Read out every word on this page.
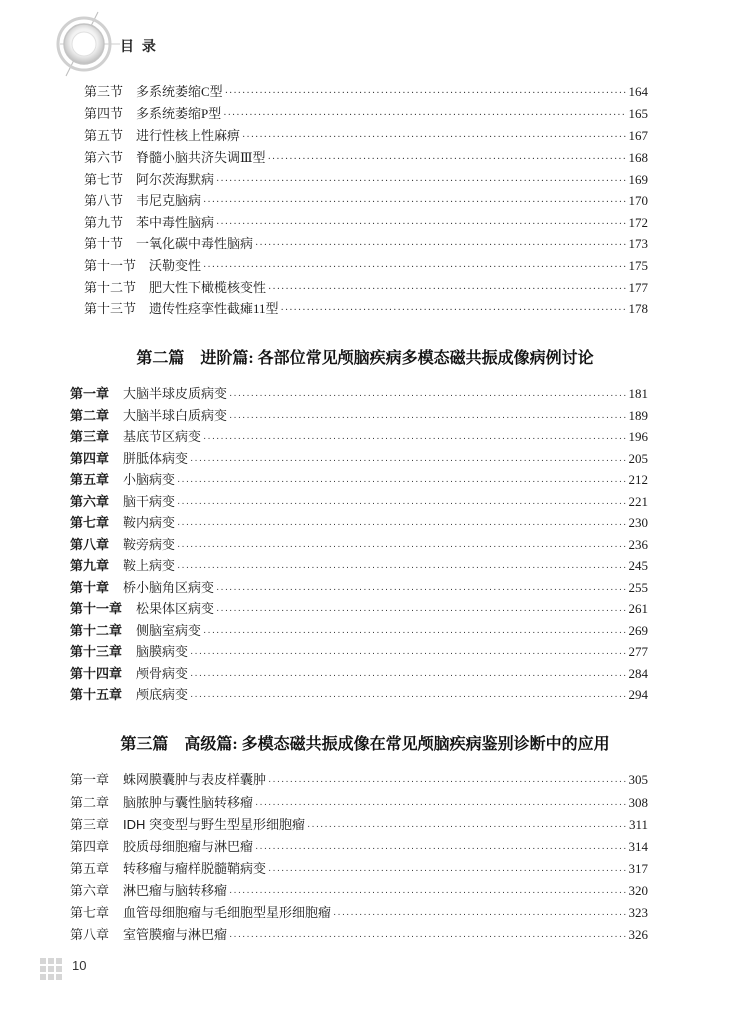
目 录
第三节 多系统萎缩C型 ·····	164
第四节 多系统萎缩P型 ·····	165
第五节 进行性核上性麻痹 ·····	167
第六节 脊髓小脑共济失调Ⅲ型 ·····	168
第七节 阿尔茨海默病 ·····	169
第八节 韦尼克脑病 ·····	170
第九节 苯中毒性脑病 ·····	172
第十节 一氧化碳中毒性脑病 ·····	173
第十一节 沃勒变性 ·····	175
第十二节 肥大性下橄榄核变性 ·····	177
第十三节 遗传性痉挛性截瘫11型 ·····	178
第二篇　进阶篇: 各部位常见颅脑疾病多模态磁共振成像病例讨论
第一章 大脑半球皮质病变 ·····	181
第二章 大脑半球白质病变 ·····	189
第三章 基底节区病变 ·····	196
第四章 胼胝体病变 ·····	205
第五章 小脑病变 ·····	212
第六章 脑干病变 ·····	221
第七章 鞍内病变 ·····	230
第八章 鞍旁病变 ·····	236
第九章 鞍上病变 ·····	245
第十章 桥小脑角区病变 ·····	255
第十一章 松果体区病变 ·····	261
第十二章 侧脑室病变 ·····	269
第十三章 脑膜病变 ·····	277
第十四章 颅骨病变 ·····	284
第十五章 颅底病变 ·····	294
第三篇　高级篇: 多模态磁共振成像在常见颅脑疾病鉴别诊断中的应用
第一章 蛛网膜囊肿与表皮样囊肿 ·····	305
第二章 脑脓肿与囊性脑转移瘤 ·····	308
第三章 IDH 突变型与野生型星形细胞瘤 ·····	311
第四章 胶质母细胞瘤与淋巴瘤 ·····	314
第五章 转移瘤与瘤样脱髓鞘病变 ·····	317
第六章 淋巴瘤与脑转移瘤 ·····	320
第七章 血管母细胞瘤与毛细胞型星形细胞瘤 ·····	323
第八章 室管膜瘤与淋巴瘤 ·····	326
10
